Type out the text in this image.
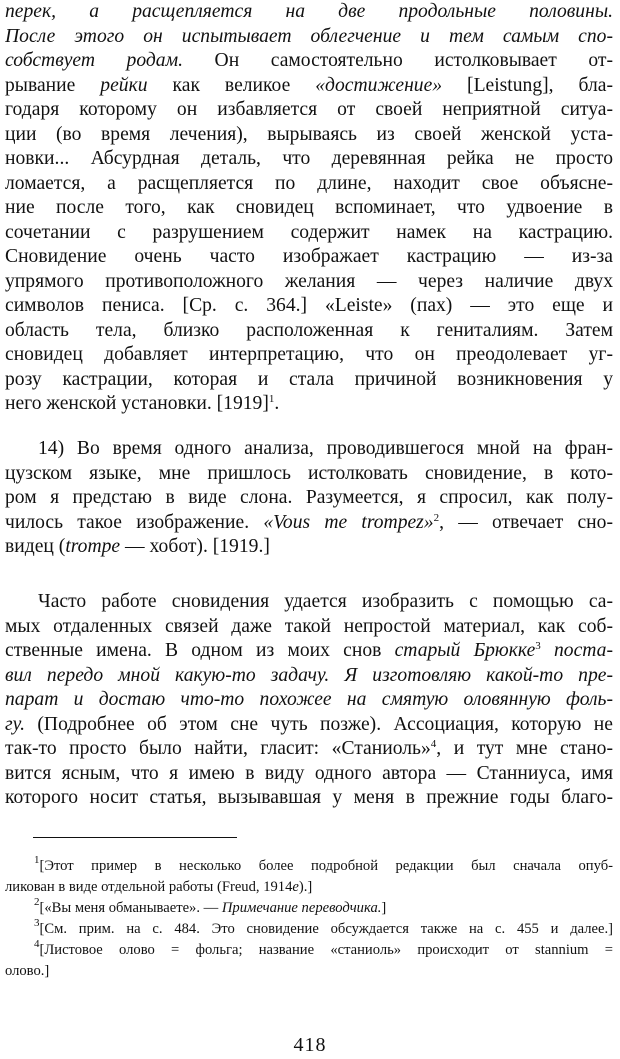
перек, а расщепляется на две продольные половины.
После этого он испытывает облегчение и тем самым спо-
собствует родам. Он самостоятельно истолковывает от-
рывание рейки как великое «достижение» [Leistung], бла-
годаря которому он избавляется от своей неприятной ситуа-
ции (во время лечения), вырываясь из своей женской уста-
новки... Абсурдная деталь, что деревянная рейка не просто
ломается, а расщепляется по длине, находит свое объясне-
ние после того, как сновидец вспоминает, что удвоение в
сочетании с разрушением содержит намек на кастрацию.
Сновидение очень часто изображает кастрацию — из-за
упрямого противоположного желания — через наличие двух
символов пениса. [Ср. с. 364.] «Leiste» (пах) — это еще и
область тела, близко расположенная к гениталиям. Затем
сновидец добавляет интерпретацию, что он преодолевает уг-
розу кастрации, которая и стала причиной возникновения у
него женской установки. $[1919]^1$.
14) Во время одного анализа, проводившегося мной на фран-
цузском языке, мне пришлось истолковать сновидение, в кото-
ром я предстаю в виде слона. Разумеется, я спросил, как полу-
чилось такое изображение. «Vous me trompez»$^2$, — отвечает сно-
видец (trompe — хобот). [1919.]
Часто работе сновидения удается изобразить с помощью са-
мых отдаленных связей даже такой непростой материал, как соб-
ственные имена. В одном из моих снов старый Брюкке$^3$ поста-
вил передо мной какую-то задачу. Я изготовляю какой-то пре-
парат и достаю что-то похожее на смятую оловянную фоль-
гу. (Подробнее об этом сне чуть позже). Ассоциация, которую не
так-то просто было найти, гласит: «Станиоль»$^4$, и тут мне стано-
вится ясным, что я имею в виду одного автора — Станниуса, имя
которого носит статья, вызывавшая у меня в прежние годы благо-
$^1$[Этот пример в несколько более подробной редакции был сначала опуб-
ликован в виде отдельной работы (Freud, 1914e).]
$^2$[«Вы меня обманываете». — Примечание переводчика.]
$^3$[См. прим. на с. 484. Это сновидение обсуждается также на с. 455 и далее.]
$^4$[Листовое олово = фольга; название «станиоль» происходит от stannium =
олово.]
418
